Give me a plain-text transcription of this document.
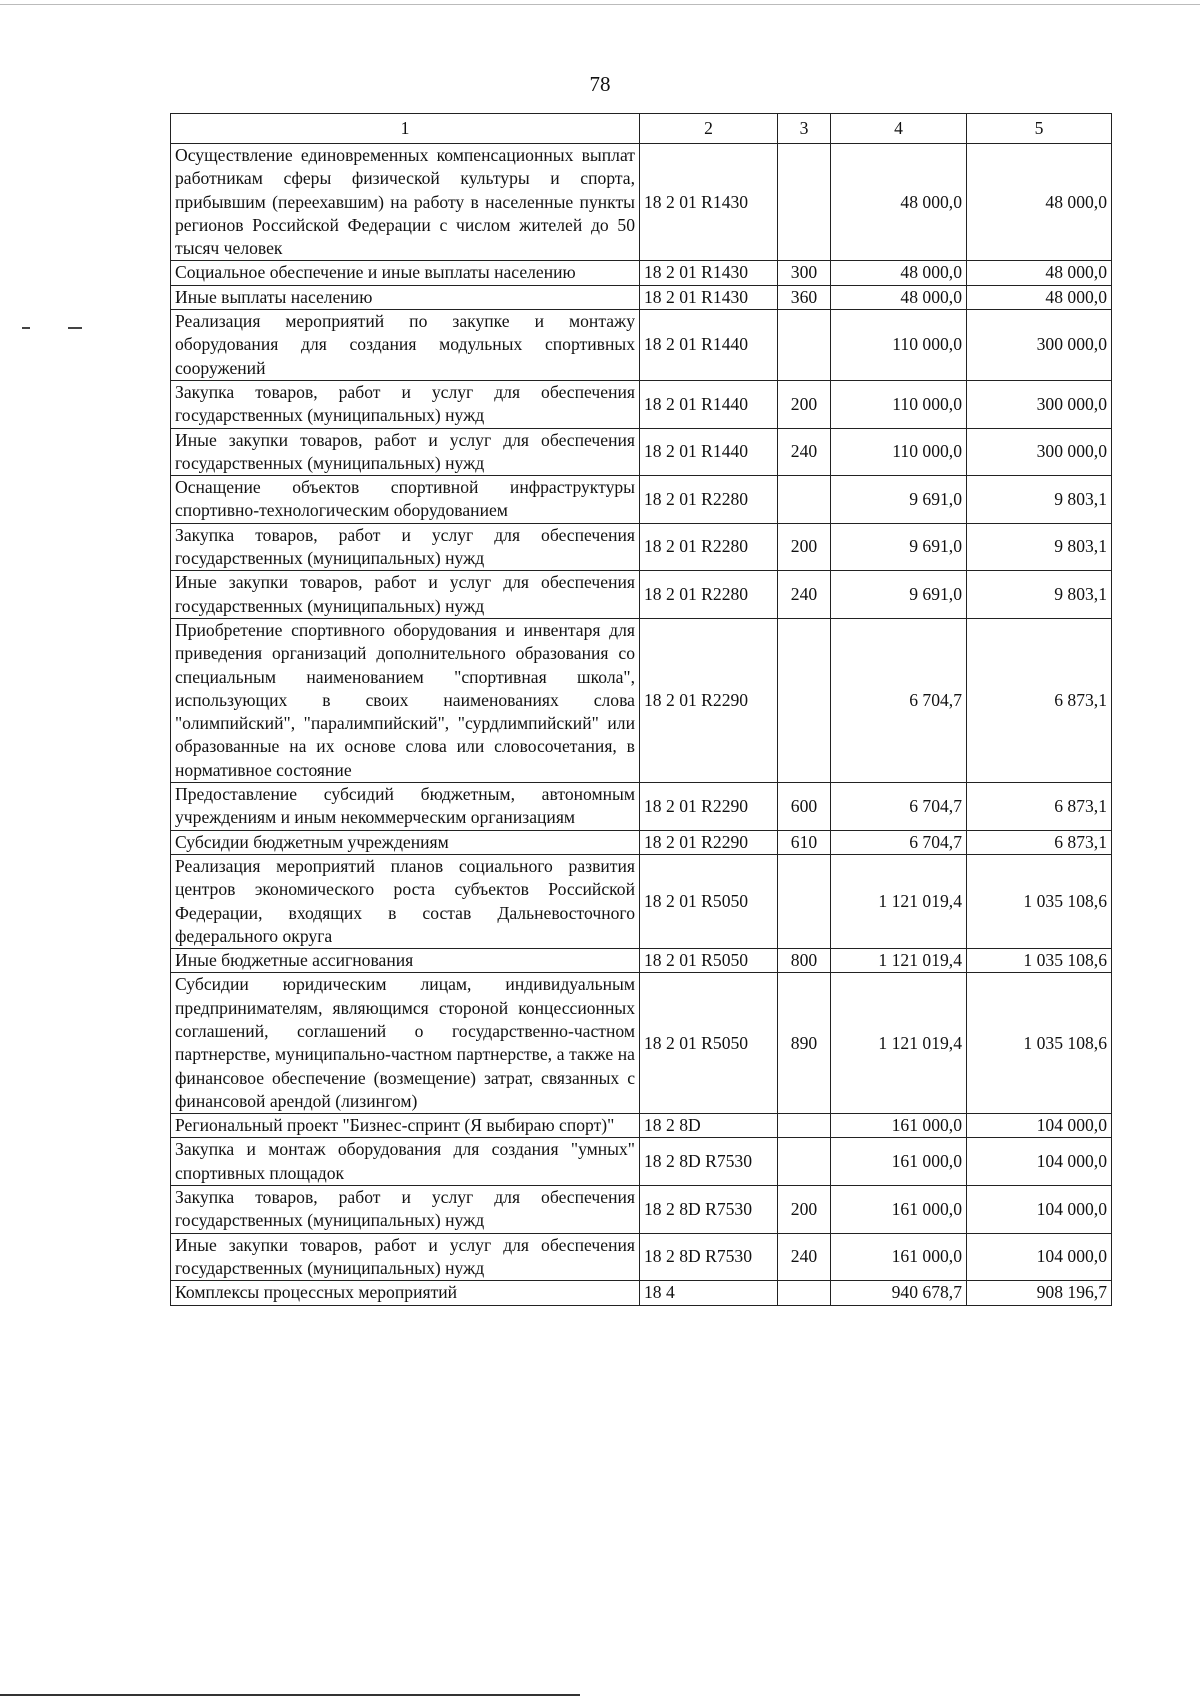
78
1	2	3	4	5
Осуществление единовременных компенсационных выплат работникам сферы физической культуры и спорта, прибывшим (переехавшим) на работу в населенные пункты регионов Российской Федерации с числом жителей до 50 тысяч человек	18 2 01 R1430		48 000,0	48 000,0
Социальное обеспечение и иные выплаты населению	18 2 01 R1430	300	48 000,0	48 000,0
Иные выплаты населению	18 2 01 R1430	360	48 000,0	48 000,0
Реализация мероприятий по закупке и монтажу оборудования для создания модульных спортивных сооружений	18 2 01 R1440		110 000,0	300 000,0
Закупка товаров, работ и услуг для обеспечения государственных (муниципальных) нужд	18 2 01 R1440	200	110 000,0	300 000,0
Иные закупки товаров, работ и услуг для обеспечения государственных (муниципальных) нужд	18 2 01 R1440	240	110 000,0	300 000,0
Оснащение объектов спортивной инфраструктуры спортивно-технологическим оборудованием	18 2 01 R2280		9 691,0	9 803,1
Закупка товаров, работ и услуг для обеспечения государственных (муниципальных) нужд	18 2 01 R2280	200	9 691,0	9 803,1
Иные закупки товаров, работ и услуг для обеспечения государственных (муниципальных) нужд	18 2 01 R2280	240	9 691,0	9 803,1
Приобретение спортивного оборудования и инвентаря для приведения организаций дополнительного образования со специальным наименованием "спортивная школа", использующих в своих наименованиях слова "олимпийский", "паралимпийский", "сурдлимпийский" или образованные на их основе слова или словосочетания, в нормативное состояние	18 2 01 R2290		6 704,7	6 873,1
Предоставление субсидий бюджетным, автономным учреждениям и иным некоммерческим организациям	18 2 01 R2290	600	6 704,7	6 873,1
Субсидии бюджетным учреждениям	18 2 01 R2290	610	6 704,7	6 873,1
Реализация мероприятий планов социального развития центров экономического роста субъектов Российской Федерации, входящих в состав Дальневосточного федерального округа	18 2 01 R5050		1 121 019,4	1 035 108,6
Иные бюджетные ассигнования	18 2 01 R5050	800	1 121 019,4	1 035 108,6
Субсидии юридическим лицам, индивидуальным предпринимателям, являющимся стороной концессионных соглашений, соглашений о государственно-частном партнерстве, муниципально-частном партнерстве, а также на финансовое обеспечение (возмещение) затрат, связанных с финансовой арендой (лизингом)	18 2 01 R5050	890	1 121 019,4	1 035 108,6
Региональный проект "Бизнес-спринт (Я выбираю спорт)"	18 2 8D		161 000,0	104 000,0
Закупка и монтаж оборудования для создания "умных" спортивных площадок	18 2 8D R7530		161 000,0	104 000,0
Закупка товаров, работ и услуг для обеспечения государственных (муниципальных) нужд	18 2 8D R7530	200	161 000,0	104 000,0
Иные закупки товаров, работ и услуг для обеспечения государственных (муниципальных) нужд	18 2 8D R7530	240	161 000,0	104 000,0
Комплексы процессных мероприятий	18 4		940 678,7	908 196,7
